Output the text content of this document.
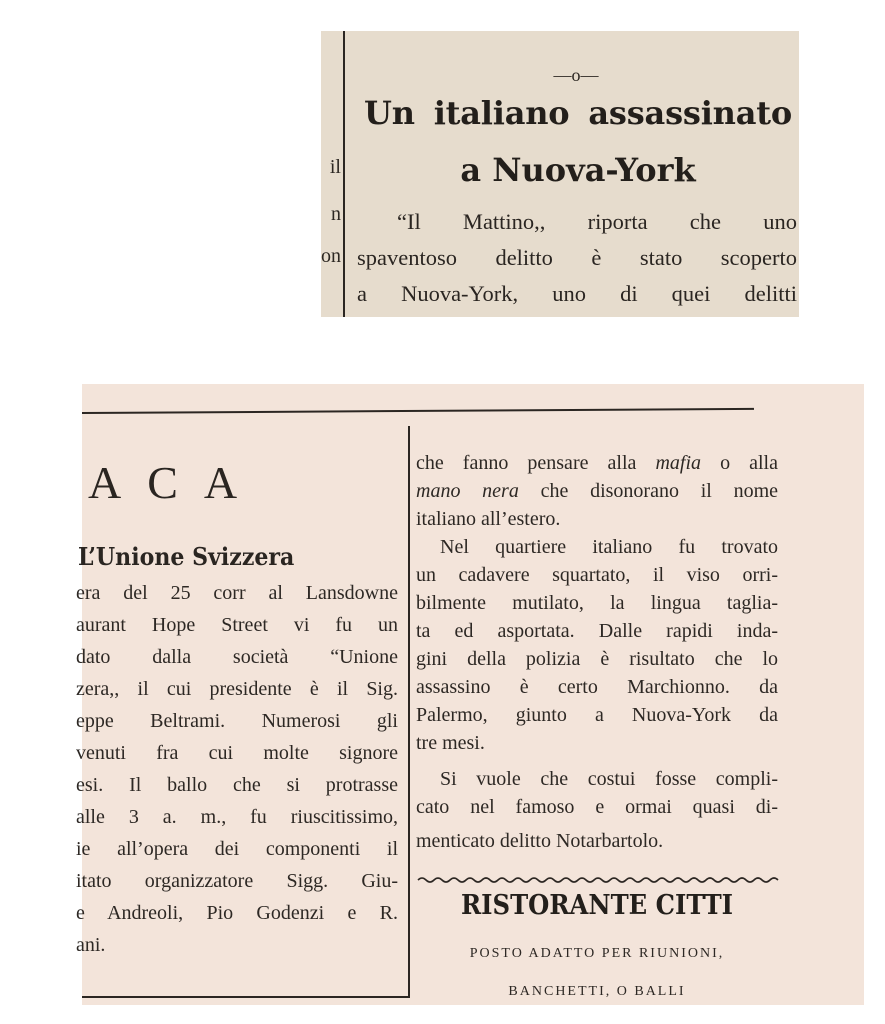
il
n
on
—o—
Un italiano assassinato
a Nuova-York
“Il Mattino,, riporta che uno
spaventoso delitto è stato scoperto
a Nuova-York, uno di quei delitti
ACA
L’Unione Svizzera
era del 25 corr al Lansdowne
aurant Hope Street vi fu un
dato dalla società “Unione
zera,, il cui presidente è il Sig.
eppe Beltrami. Numerosi gli
venuti fra cui molte signore
esi. Il ballo che si protrasse
alle 3 a. m., fu riuscitissimo,
ie all’opera dei componenti il
itato organizzatore Sigg. Giu-
e Andreoli, Pio Godenzi e R.
ani.
che fanno pensare alla mafia o alla
mano nera che disonorano il nome
italiano all’estero.
Nel quartiere italiano fu trovato
un cadavere squartato, il viso orri-
bilmente mutilato, la lingua taglia-
ta ed asportata. Dalle rapidi inda-
gini della polizia è risultato che lo
assassino è certo Marchionno. da
Palermo, giunto a Nuova-York da
tre mesi.
Si vuole che costui fosse compli-
cato nel famoso e ormai quasi di-
menticato delitto Notarbartolo.
RISTORANTE CITTI
POSTO ADATTO PER RIUNIONI,
BANCHETTI, O BALLI
